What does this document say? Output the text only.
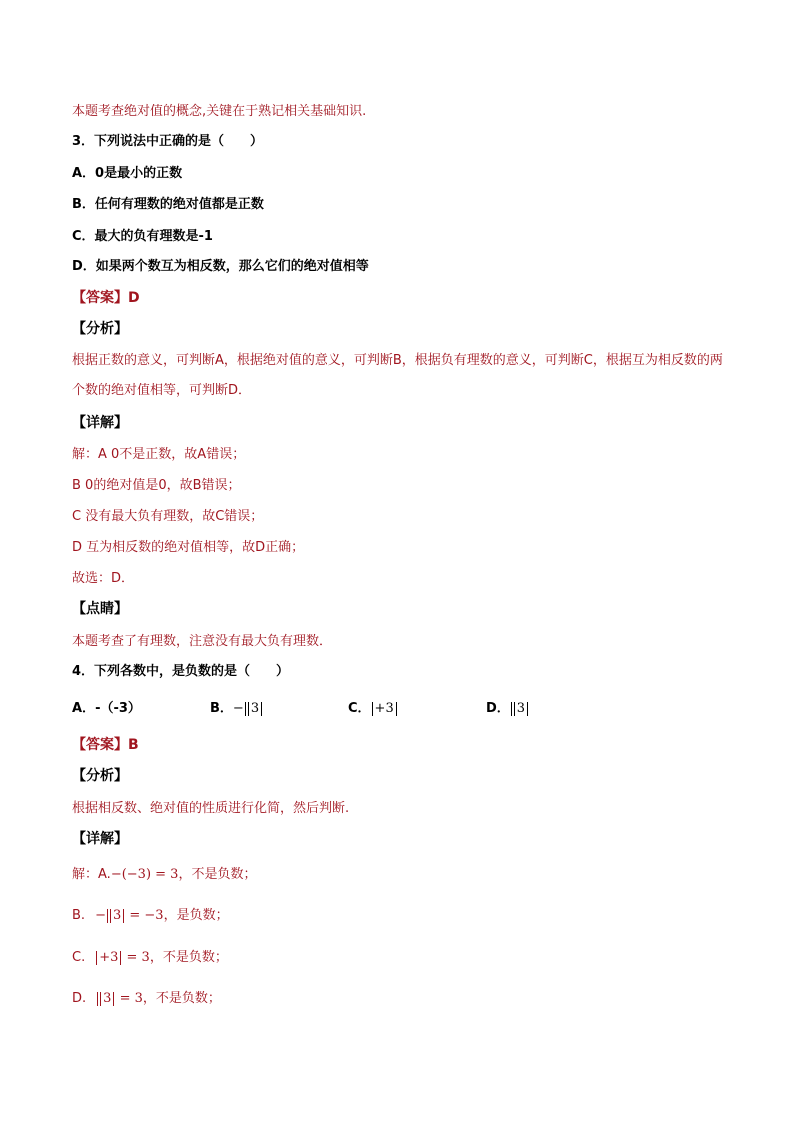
本题考查绝对值的概念,关键在于熟记相关基础知识.
3．下列说法中正确的是（　　）
A．0是最小的正数
B．任何有理数的绝对值都是正数
C．最大的负有理数是-1
D．如果两个数互为相反数，那么它们的绝对值相等
【答案】D
【分析】
根据正数的意义，可判断A，根据绝对值的意义，可判断B，根据负有理数的意义，可判断C，根据互为相反数的两个数的绝对值相等，可判断D．
【详解】
解：A 0不是正数，故A错误；
B 0的绝对值是0，故B错误；
C 没有最大负有理数，故C错误；
D 互为相反数的绝对值相等，故D正确；
故选：D．
【点睛】
本题考查了有理数，注意没有最大负有理数．
4．下列各数中，是负数的是（　　）
A．-（-3）	B．− 3	C． +3	D． 3
【答案】B
【分析】
根据相反数、绝对值的性质进行化简，然后判断.
【详解】
解：A.−(−3) = 3，不是负数；
B. − 3 = −3，是负数；
C. +3 = 3，不是负数；
D. 3 = 3，不是负数；
